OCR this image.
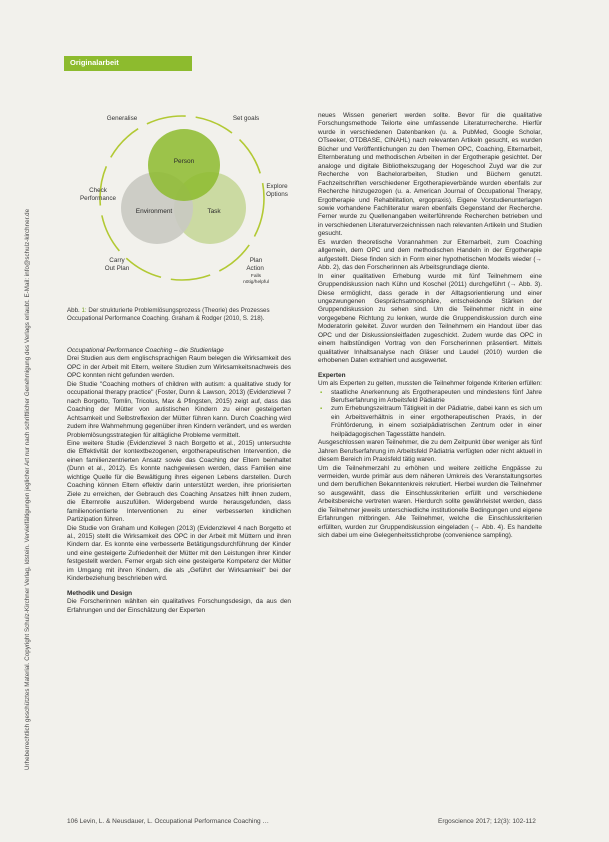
Urheberrechtlich geschütztes Material. Copyright Schulz-Kirchner Verlag, Idstein. Vervielfältigungen jeglicher Art nur nach schriftlicher Genehmigung des Verlags erlaubt. E-Mail: info@schulz-kirchner.de
Originalarbeit
Person
Environment	Task
Generalise	Set goals
Check Performance
Explore Options
Carry Out Plan
Plan Action Falls nötig/helpful
Abb. 1: Der strukturierte Problemlösungsprozess (Theorie) des Prozesses Occupational Performance Coaching. Graham & Rodger (2010, S. 218).

Occupational Performance Coaching – die Studienlage

Drei Studien aus dem englischsprachigen Raum belegen die Wirksamkeit des OPC in der Arbeit mit Eltern, weitere Studien zum Wirksamkeitsnachweis des OPC konnten nicht gefunden werden.

Die Studie "Coaching mothers of children with autism: a qualitative study for occupational therapy practice" (Foster, Dunn & Lawson, 2013) (Evidenzlevel 7 nach Borgetto, Tomlin, Tricolus, Max & Pfingsten, 2015) zeigt auf, dass das Coaching der Mütter von autistischen Kindern zu einer gesteigerten Achtsamkeit und Selbstreflexion der Mütter führen kann. Durch Coaching wird zudem ihre Wahrnehmung gegenüber ihren Kindern verändert, und es werden Problemlösungsstrategien für alltägliche Probleme vermittelt.

Eine weitere Studie (Evidenzlevel 3 nach Borgetto et al., 2015) untersuchte die Effektivität der kontextbezogenen, ergotherapeutischen Intervention, die einen familienzentrierten Ansatz sowie das Coaching der Eltern beinhaltet (Dunn et al., 2012). Es konnte nachgewiesen werden, dass Familien eine wichtige Quelle für die Bewältigung ihres eigenen Lebens darstellen. Durch Coaching können Eltern effektiv darin unterstützt werden, ihre priorisierten Ziele zu erreichen, der Gebrauch des Coaching Ansatzes hilft ihnen zudem, die Elternrolle auszufüllen. Widergebend wurde herausgefunden, dass familienorientierte Interventionen zu einer verbesserten kindlichen Partizipation führen.

Die Studie von Graham und Kollegen (2013) (Evidenzlevel 4 nach Borgetto et al., 2015) stellt die Wirksamkeit des OPC in der Arbeit mit Müttern und ihren Kindern dar. Es konnte eine verbesserte Betätigungsdurchführung der Kinder und eine gesteigerte Zufriedenheit der Mütter mit den Leistungen ihrer Kinder festgestellt werden. Ferner ergab sich eine gesteigerte Kompetenz der Mütter im Umgang mit ihren Kindern, die als „Geführt der Wirksamkeit" bei der Kinderbeziehung beschrieben wird.

Methodik und Design

Die Forscherinnen wählten ein qualitatives Forschungsdesign, da aus den Erfahrungen und der Einschätzung der Experten

neues Wissen generiert werden sollte. Bevor für die qualitative Forschungsmethode Teilorte eine umfassende Literaturrecherche. Hierfür wurde in verschiedenen Datenbanken (u. a. PubMed, Google Scholar, OTseeker, OTDBASE, CINAHL) nach relevanten Artikeln gesucht, es wurden Bücher und Veröffentlichungen zu den Themen OPC, Coaching, Elternarbeit, Elternberatung und methodischen Arbeiten in der Ergotherapie gesichtet. Der analoge und digitale Bibliothekszugang der Hogeschool Zuyd war die zur Recherche von Bachelorarbeiten, Studien und Büchern genutzt. Fachzeitschriften verschiedener Ergotherapieverbände wurden ebenfalls zur Recherche hinzugezogen (u. a. American Journal of Occupational Therapy, Ergotherapie und Rehabilitation, ergopraxis). Eigene Vorstudienunterlagen sowie vorhandene Fachliteratur waren ebenfalls Gegenstand der Recherche. Ferner wurde zu Quellenangaben weiterführende Recherchen betrieben und in verschiedenen Literaturverzeichnissen nach relevanten Artikeln und Studien gesucht.

Es wurden theoretische Vorannahmen zur Elternarbeit, zum Coaching allgemein, dem OPC und dem methodischen Handeln in der Ergotherapie aufgestellt. Diese finden sich in Form einer hypothetischen Modells wieder (→ Abb. 2), das den Forscherinnen als Arbeitsgrundlage diente.

In einer qualitativen Erhebung wurde mit fünf Teilnehmern eine Gruppendiskussion nach Kühn und Koschel (2011) durchgeführt (→ Abb. 3). Diese ermöglicht, dass gerade in der Alltagsorientierung und einer ungezwungenen Gesprächsatmosphäre, entscheidende Stärken der Gruppendiskussion zu sehen sind. Um die Teilnehmer nicht in eine vorgegebene Richtung zu lenken, wurde die Gruppendiskussion durch eine Moderatorin geleitet. Zuvor wurden den Teilnehmern ein Handout über das OPC und der Diskussionsleitfaden zugeschickt. Zudem wurde das OPC in einem halbstündigen Vortrag von den Forscherinnen präsentiert. Mittels qualitativer Inhaltsanalyse nach Gläser und Laudel (2010) wurden die erhobenen Daten extrahiert und ausgewertet.

Experten

Um als Experten zu gelten, mussten die Teilnehmer folgende Kriterien erfüllen:

▪ staatliche Anerkennung als Ergotherapeuten und mindestens fünf Jahre Berufserfahrung im Arbeitsfeld Pädiatrie
▪ zum Erhebungszeitraum Tätigkeit in der Pädiatrie, dabei kann es sich um ein Arbeitsverhältnis in einer ergotherapeutischen Praxis, in der Frühförderung, in einem sozialpädiatrischen Zentrum oder in einer heilpädagogischen Tagesstätte handeln.

Ausgeschlossen waren Teilnehmer, die zu dem Zeitpunkt über weniger als fünf Jahren Berufserfahrung im Arbeitsfeld Pädiatria verfügten oder nicht aktuell in diesem Bereich im Praxisfeld tätig waren.

Um die Teilnehmerzahl zu erhöhen und weitere zeitliche Engpässe zu vermeiden, wurde primär aus dem näheren Umkreis des Veranstaltungsortes und dem beruflichen Bekanntenkreis rekrutiert. Hierbei wurden die Teilnehmer so ausgewählt, dass die Einschlusskriterien erfüllt und verschiedene Arbeitsbereiche vertreten waren. Hierdurch sollte gewährleistet werden, dass die Teilnehmer jeweils unterschiedliche institutionelle Bedingungen und eigene Erfahrungen mitbringen. Alle Teilnehmer, welche die Einschlusskriterien erfüllten, wurden zur Gruppendiskussion eingeladen (→ Abb. 4). Es handelte sich dabei um eine Gelegenheitsstichprobe (convenience sampling).

106 Levin, L. & Neusdauer, L. Occupational Performance Coaching …	Ergoscience 2017; 12(3): 102-112
